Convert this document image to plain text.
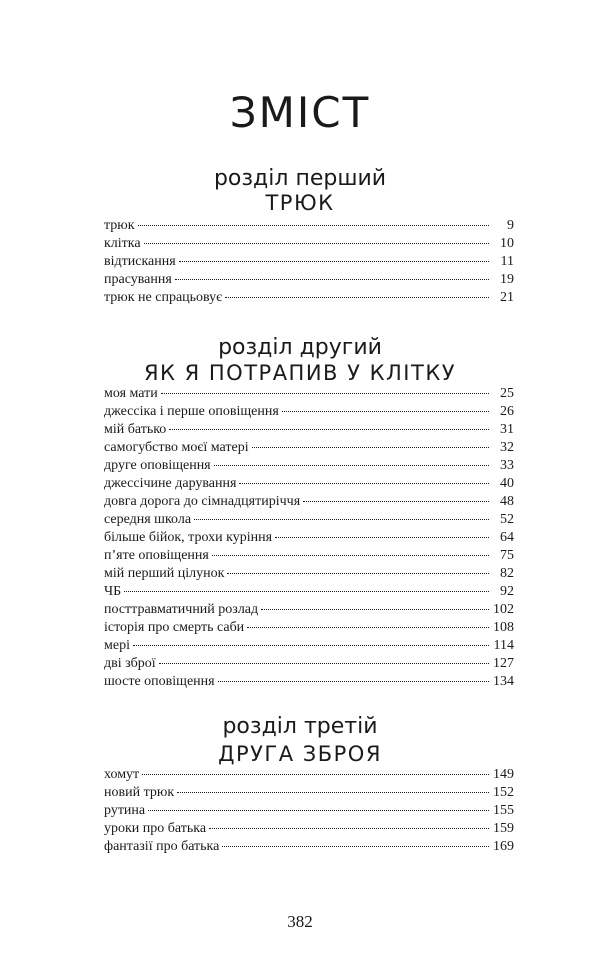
ЗМІСТ
розділ перший
ТРЮК
трюк	9
клітка	10
відтискання	11
прасування	19
трюк не спрацьовує	21
розділ другий
ЯК Я ПОТРАПИВ У КЛІТКУ
моя мати	25
джессіка і перше оповіщення	26
мій батько	31
самогубство моєї матері	32
друге оповіщення	33
джессічине дарування	40
довга дорога до сімнадцятиріччя	48
середня школа	52
більше бійок, трохи куріння	64
п’яте оповіщення	75
мій перший цілунок	82
ЧБ	92
посттравматичний розлад	102
історія про смерть саби	108
мері	114
дві зброї	127
шосте оповіщення	134
розділ третій
ДРУГА ЗБРОЯ
хомут	149
новий трюк	152
рутина	155
уроки про батька	159
фантазії про батька	169
382
